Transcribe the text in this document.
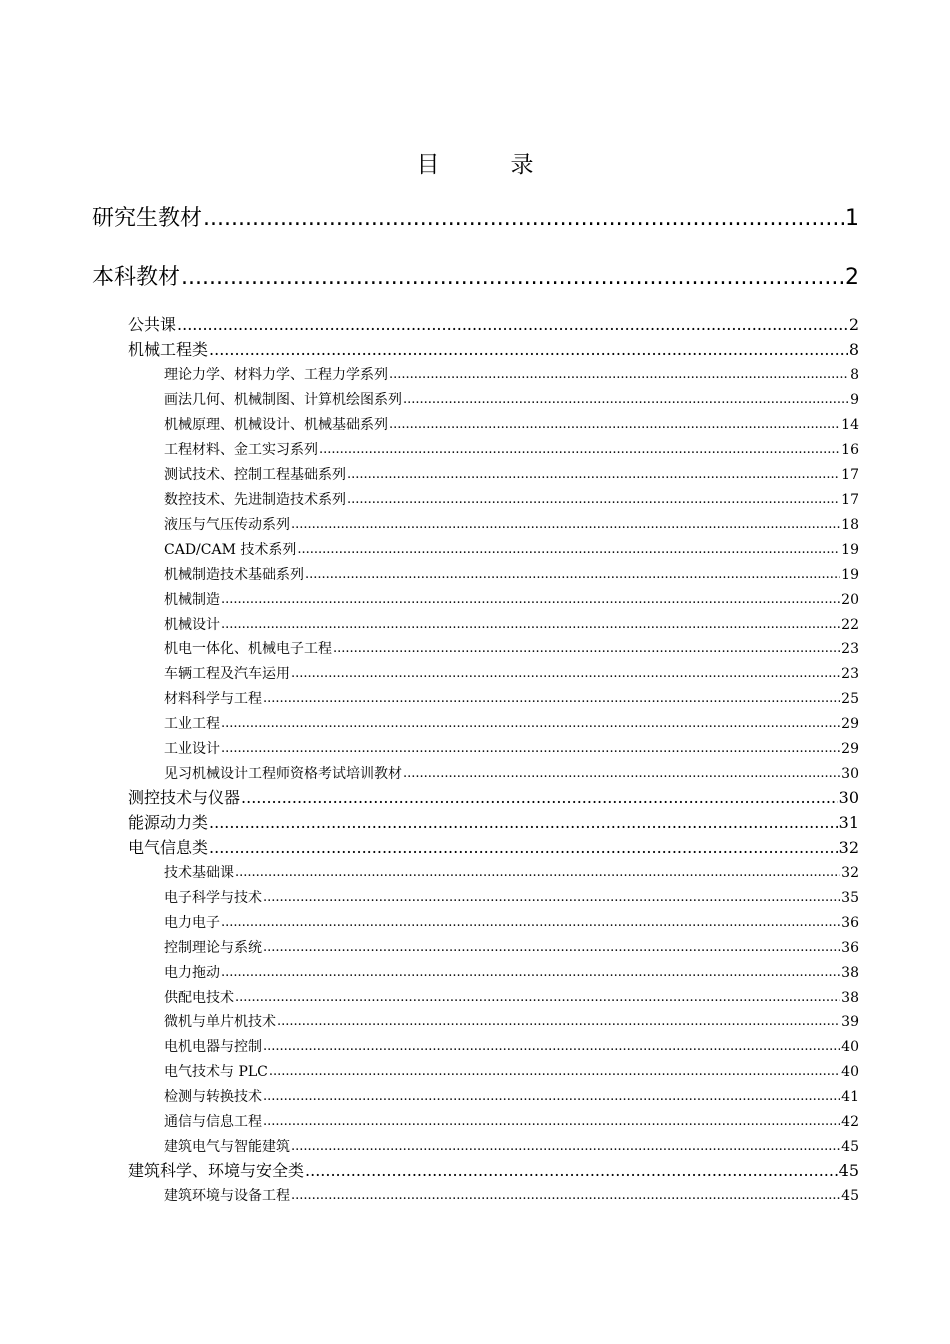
目　录
研究生教材 .....	1
本科教材 .....	2
公共课 .....	2
机械工程类 .....	8
理论力学、材料力学、工程力学系列 .....	8
画法几何、机械制图、计算机绘图系列 .....	9
机械原理、机械设计、机械基础系列 .....	14
工程材料、金工实习系列 .....	16
测试技术、控制工程基础系列 .....	17
数控技术、先进制造技术系列 .....	17
液压与气压传动系列 .....	18
CAD/CAM 技术系列 .....	19
机械制造技术基础系列 .....	19
机械制造 .....	20
机械设计 .....	22
机电一体化、机械电子工程 .....	23
车辆工程及汽车运用 .....	23
材料科学与工程 .....	25
工业工程 .....	29
工业设计 .....	29
见习机械设计工程师资格考试培训教材 .....	30
测控技术与仪器 .....	30
能源动力类 .....	31
电气信息类 .....	32
技术基础课 .....	32
电子科学与技术 .....	35
电力电子 .....	36
控制理论与系统 .....	36
电力拖动 .....	38
供配电技术 .....	38
微机与单片机技术 .....	39
电机电器与控制 .....	40
电气技术与 PLC .....	40
检测与转换技术 .....	41
通信与信息工程 .....	42
建筑电气与智能建筑 .....	45
建筑科学、环境与安全类 .....	45
建筑环境与设备工程 .....	45
